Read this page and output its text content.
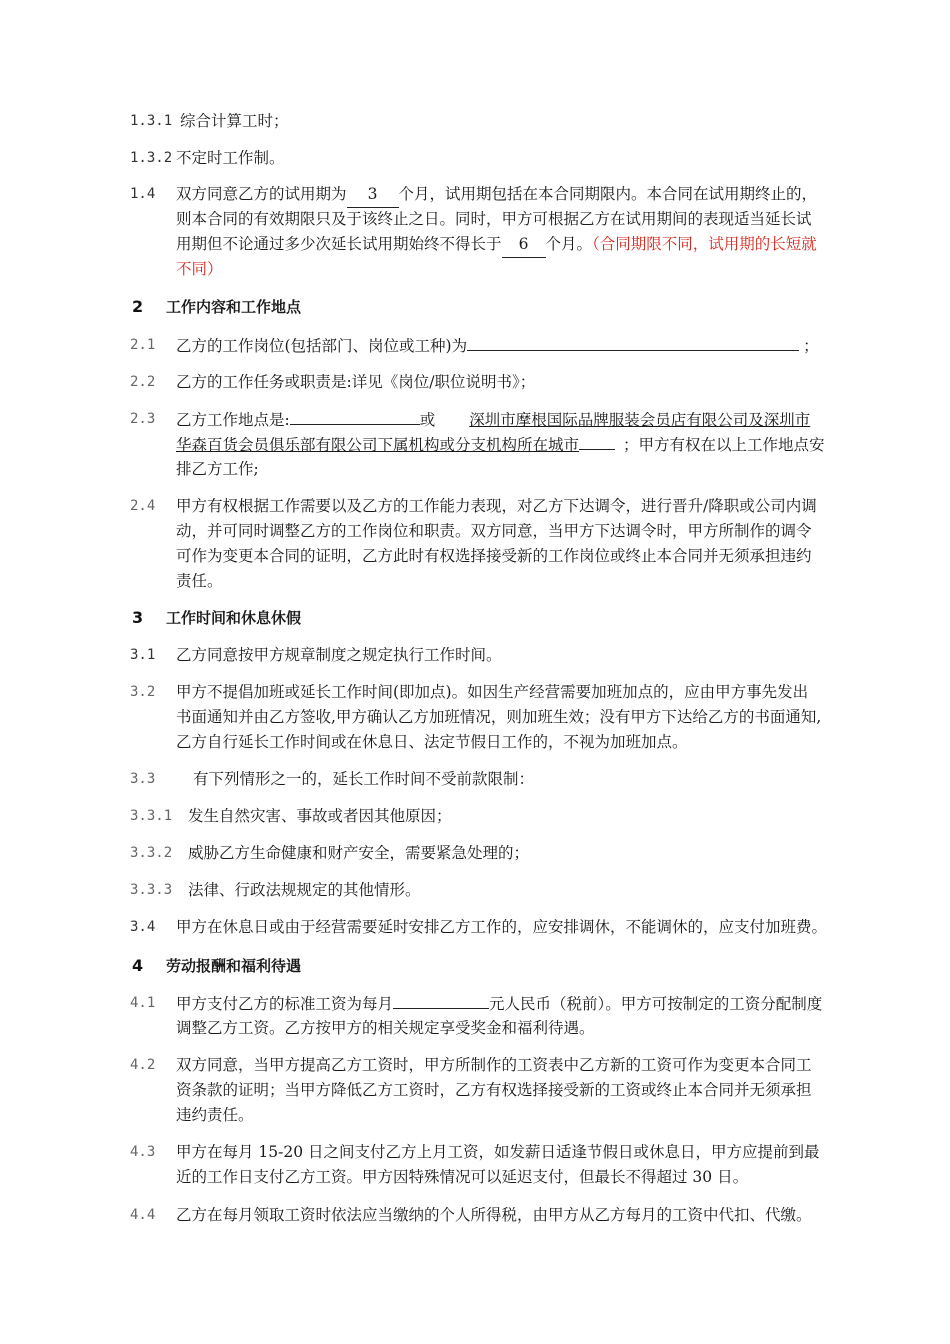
1.3.1 综合计算工时；
1.3.2 不定时工作制。
1.4 双方同意乙方的试用期为 3 个月，试用期包括在本合同期限内。本合同在试用期终止的，
则本合同的有效期限只及于该终止之日。同时，甲方可根据乙方在试用期间的表现适当延长试
用期但不论通过多少次延长试用期始终不得长于 6 个月。（合同期限不同，试用期的长短就
不同）
2 工作内容和工作地点
2.1 乙方的工作岗位(包括部门、岗位或工种)为	；
2.2 乙方的工作任务或职责是:详见《岗位/职位说明书》；
2.3 乙方工作地点是:	或 深圳市摩根国际品牌服装会员店有限公司及深圳市
华森百货会员俱乐部有限公司下属机构或分支机构所在城市	；甲方有权在以上工作地点安
排乙方工作;
2.4 甲方有权根据工作需要以及乙方的工作能力表现，对乙方下达调令，进行晋升/降职或公司内调
动，并可同时调整乙方的工作岗位和职责。双方同意，当甲方下达调令时，甲方所制作的调令
可作为变更本合同的证明，乙方此时有权选择接受新的工作岗位或终止本合同并无须承担违约
责任。
3 工作时间和休息休假
3.1 乙方同意按甲方规章制度之规定执行工作时间。
3.2 甲方不提倡加班或延长工作时间(即加点)。如因生产经营需要加班加点的，应由甲方事先发出
书面通知并由乙方签收,甲方确认乙方加班情况，则加班生效；没有甲方下达给乙方的书面通知,
乙方自行延长工作时间或在休息日、法定节假日工作的，不视为加班加点。
3.3 有下列情形之一的，延长工作时间不受前款限制：
3.3.1 发生自然灾害、事故或者因其他原因；
3.3.2 威胁乙方生命健康和财产安全，需要紧急处理的；
3.3.3 法律、行政法规规定的其他情形。
3.4 甲方在休息日或由于经营需要延时安排乙方工作的，应安排调休，不能调休的，应支付加班费。
4 劳动报酬和福利待遇
4.1 甲方支付乙方的标准工资为每月	元人民币（税前）。甲方可按制定的工资分配制度
调整乙方工资。乙方按甲方的相关规定享受奖金和福利待遇。
4.2 双方同意，当甲方提高乙方工资时，甲方所制作的工资表中乙方新的工资可作为变更本合同工
资条款的证明；当甲方降低乙方工资时，乙方有权选择接受新的工资或终止本合同并无须承担
违约责任。
4.3 甲方在每月 15-20 日之间支付乙方上月工资，如发薪日适逢节假日或休息日，甲方应提前到最
近的工作日支付乙方工资。甲方因特殊情况可以延迟支付，但最长不得超过 30 日。
4.4 乙方在每月领取工资时依法应当缴纳的个人所得税，由甲方从乙方每月的工资中代扣、代缴。
